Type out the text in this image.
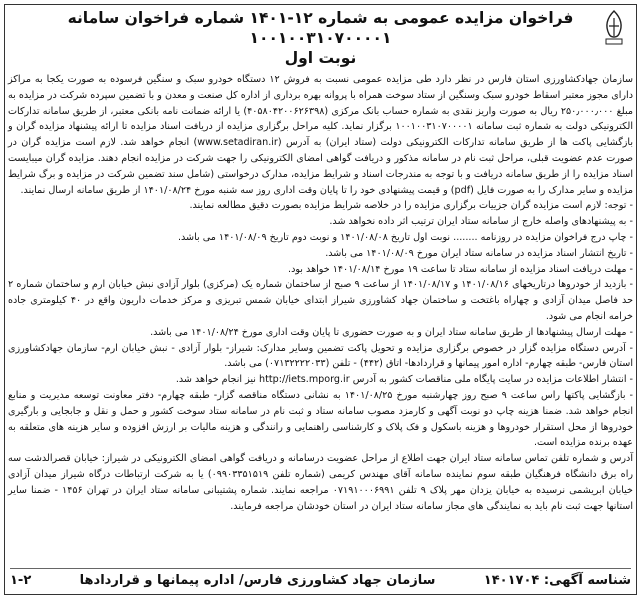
فراخوان مزایده عمومی به شماره ۱۲-۱۴۰۱ شماره فراخوان سامانه ۱۰۰۱۰۰۳۱۰۷۰۰۰۰۱
نوبت اول

سازمان جهادکشاورزی استان فارس در نظر دارد طی مزایده عمومی نسبت به فروش ۱۲ دستگاه خودرو سبک و سنگین فرسوده به صورت یکجا به مراکز دارای مجوز معتبر اسقاط خودرو سبک وسنگین از ستاد سوخت همراه با پروانه بهره برداری از اداره کل صنعت و معدن و با تضمین سپرده شرکت در مزایده به مبلغ ۲۵۰٫۰۰۰٫۰۰۰ ریال به صورت واریز نقدی به شماره حساب بانک مرکزی (۴۰۵۸۰۴۲۰۰۶۲۶۳۹۸) یا ارائه ضمانت نامه بانکی معتبر، از طریق سامانه تدارکات الکترونیکی دولت به شماره ثبت سامانه ۱۰۰۱۰۰۳۱۰۷۰۰۰۰۱ برگزار نماید. کلیه مراحل برگزاری مزایده از دریافت اسناد مزایده تا ارائه پیشنهاد مزایده گران و بازگشایی پاکت ها از طریق سامانه تدارکات الکترونیکی دولت (ستاد ایران) به آدرس (www.setadiran.ir) انجام خواهد شد. لازم است مزایده گران در صورت عدم عضویت قبلی، مراحل ثبت نام در سامانه مذکور و دریافت گواهی امضای الکترونیکی را جهت شرکت در مزایده انجام دهند. مزایده گران میبایست اسناد مزایده را از طریق سامانه دریافت و با توجه به مندرجات اسناد و شرایط مزایده، مدارک درخواستی (شامل سند تضمین شرکت در مزایده و برگ شرایط مزایده و سایر مدارک را به صورت فایل (pdf) و قیمت پیشنهادی خود را تا پایان وقت اداری روز سه شنبه مورخ ۱۴۰۱/۰۸/۲۴ از طریق سامانه ارسال نمایند.

- توجه: لازم است مزایده گران جزییات برگزاری مزایده را در خلاصه شرایط مزایده بصورت دقیق مطالعه نمایند.

- به پیشنهادهای واصله خارج از سامانه ستاد ایران ترتیب اثر داده نخواهد شد.

- چاپ درج فراخوان مزایده در روزنامه ........ نوبت اول تاریخ ۱۴۰۱/۰۸/۰۸ و نوبت دوم تاریخ ۱۴۰۱/۰۸/۰۹ می باشد.

- تاریخ انتشار اسناد مزایده در سامانه ستاد ایران مورخ ۱۴۰۱/۰۸/۰۹ می باشد.

- مهلت دریافت اسناد مزایده از سامانه ستاد تا ساعت ۱۹ مورخ ۱۴۰۱/۰۸/۱۴ خواهد بود.

- بازدید از خودروها درتاریخهای ۱۴۰۱/۰۸/۱۶ و ۱۴۰۱/۰۸/۱۷ از ساعت ۹ صبح از ساختمان شماره یک (مرکزی) بلوار آزادی نبش خیابان ارم و ساختمان شماره ۲ حد فاصل میدان آزادی و چهاراه باغتخت و ساختمان جهاد کشاورزی شیراز ابتدای خیابان شمس تبریزی و مرکز خدمات داریون واقع در ۴۰ کیلومتری جاده خرامه انجام می شود.

- مهلت ارسال پیشنهادها از طریق سامانه ستاد ایران و به صورت حضوری تا پایان وقت اداری مورخ ۱۴۰۱/۰۸/۲۴ می باشد.

- آدرس دستگاه مزایده گزار در خصوص برگزاری مزایده و تحویل پاکت تضمین وسایر مدارک: شیراز- بلوار آزادی - نبش خیابان ارم- سازمان جهادکشاورزی استان فارس- طبقه چهارم- اداره امور پیمانها و قراردادها- اتاق (۴۴۲) - تلفن (۰۷۱۳۲۲۲۲۰۳۳) می باشد.

- انتشار اطلاعات مزایده در سایت پایگاه ملی مناقصات کشور به آدرس http://iets.mporg.ir نیز انجام خواهد شد.

- بازگشایی پاکتها راس ساعت ۹ صبح روز چهارشنبه مورخ ۱۴۰۱/۰۸/۲۵ به نشانی دستگاه مناقصه گزار- طبقه چهارم- دفتر معاونت توسعه مدیریت و منابع انجام خواهد شد. ضمنا هزینه چاپ دو نوبت آگهی و کارمزد مصوب سامانه ستاد و ثبت نام در سامانه ستاد سوخت کشور و حمل و نقل و جابجایی و بارگیری خودروها از محل استقرار خودروها و هزینه باسکول و فک پلاک و کارشناسی راهنمایی و رانندگی و هزینه مالیات بر ارزش افزوده و سایر هزینه های متعلقه به عهده برنده مزایده است.

آدرس و شماره تلفن تماس سامانه ستاد ایران جهت اطلاع از مراحل عضویت درسامانه و دریافت گواهی امضای الکترونیکی در شیراز: خیابان قصرالدشت سه راه برق دانشگاه فرهنگیان طبقه سوم نماینده سامانه آقای مهندس کریمی (شماره تلفن ۰۹۹۰۳۳۵۱۵۱۹) یا به شرکت ارتباطات درگاه شیراز میدان آزادی خیابان ابریشمی نرسیده به خیابان یزدان مهر پلاک ۹ تلفن ۰۷۱۹۱۰۰۰۶۹۹۱ مراجعه نمایند. شماره پشتیبانی سامانه ستاد ایران در تهران ۱۴۵۶ - ضمنا سایر استانها جهت ثبت نام باید به نمایندگی های مجاز سامانه ستاد ایران در استان خودشان مراجعه فرمایند.

شناسه آگهی: ۱۴۰۱۷۰۴
سازمان جهاد کشاورزی فارس/ اداره پیمانها و قراردادها
۱-۲
